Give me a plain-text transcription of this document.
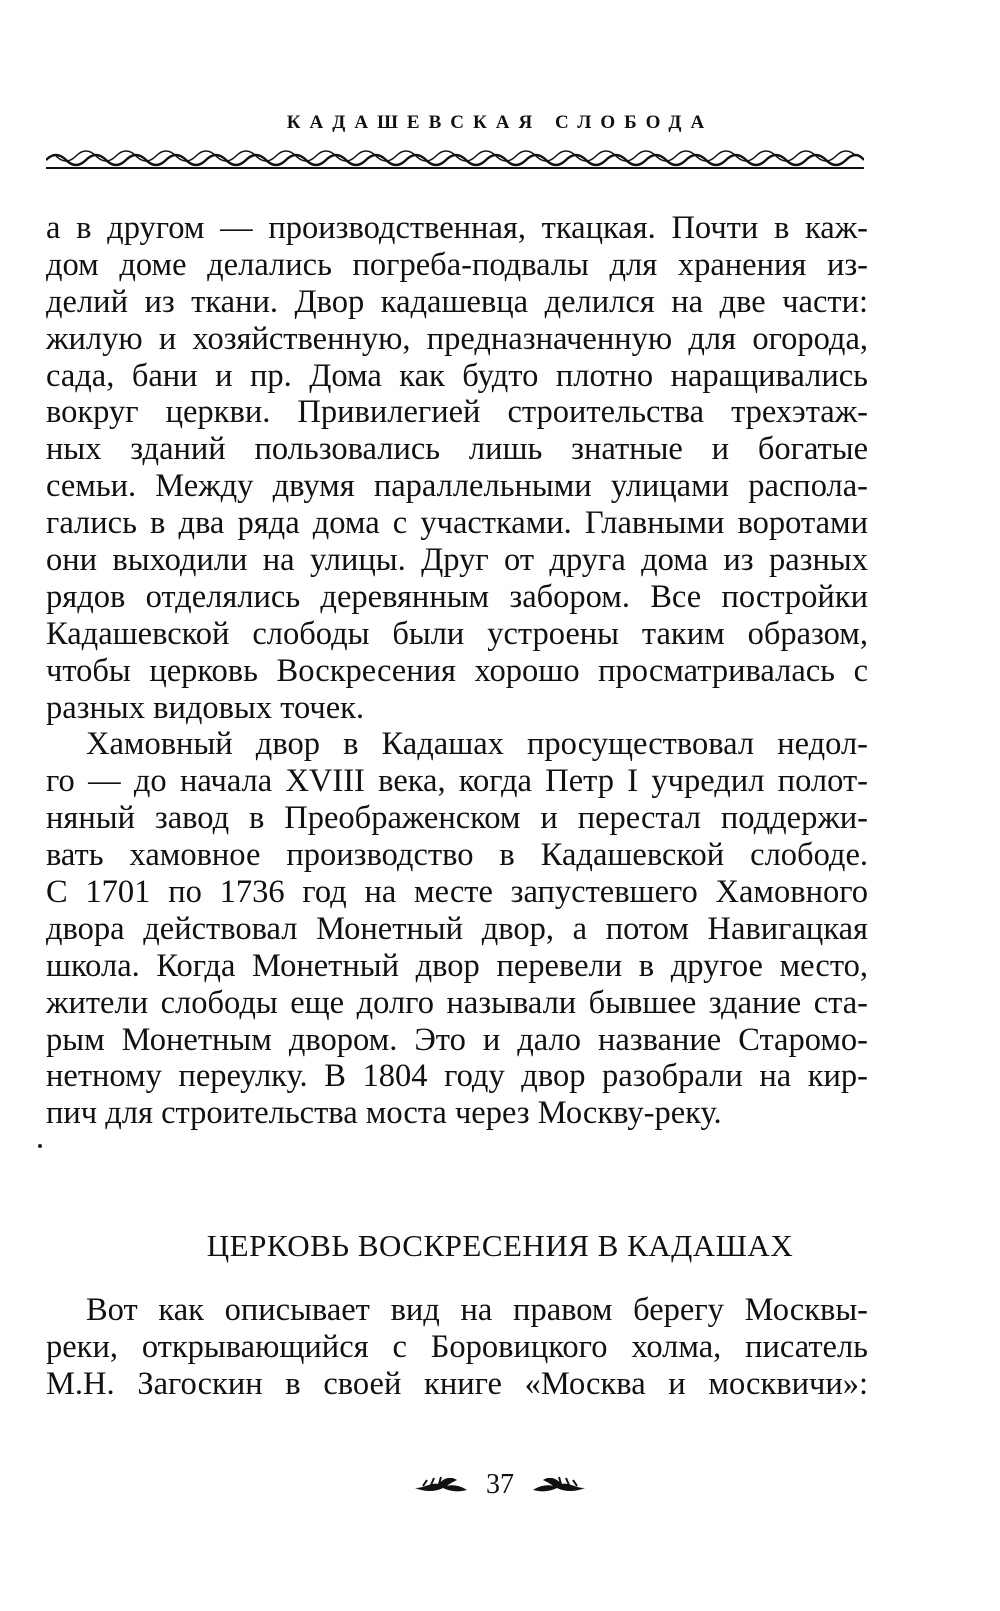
КАДАШЕВСКАЯ СЛОБОДА
а в другом — производственная, ткацкая. Почти в каж-
дом доме делались погреба-подвалы для хранения из-
делий из ткани. Двор кадашевца делился на две части:
жилую и хозяйственную, предназначенную для огорода,
сада, бани и пр. Дома как будто плотно наращивались
вокруг церкви. Привилегией строительства трехэтаж-
ных зданий пользовались лишь знатные и богатые
семьи. Между двумя параллельными улицами распола-
гались в два ряда дома с участками. Главными воротами
они выходили на улицы. Друг от друга дома из разных
рядов отделялись деревянным забором. Все постройки
Кадашевской слободы были устроены таким образом,
чтобы церковь Воскресения хорошо просматривалась с
разных видовых точек.
Хамовный двор в Кадашах просуществовал недол-
го — до начала XVIII века, когда Петр I учредил полот-
няный завод в Преображенском и перестал поддержи-
вать хамовное производство в Кадашевской слободе.
С 1701 по 1736 год на месте запустевшего Хамовного
двора действовал Монетный двор, а потом Навигацкая
школа. Когда Монетный двор перевели в другое место,
жители слободы еще долго называли бывшее здание ста-
рым Монетным двором. Это и дало название Старомо-
нетному переулку. В 1804 году двор разобрали на кир-
пич для строительства моста через Москву-реку.
ЦЕРКОВЬ ВОСКРЕСЕНИЯ В КАДАШАХ
Вот как описывает вид на правом берегу Москвы-
реки, открывающийся с Боровицкого холма, писатель
М.Н. Загоскин в своей книге «Москва и москвичи»:
37
